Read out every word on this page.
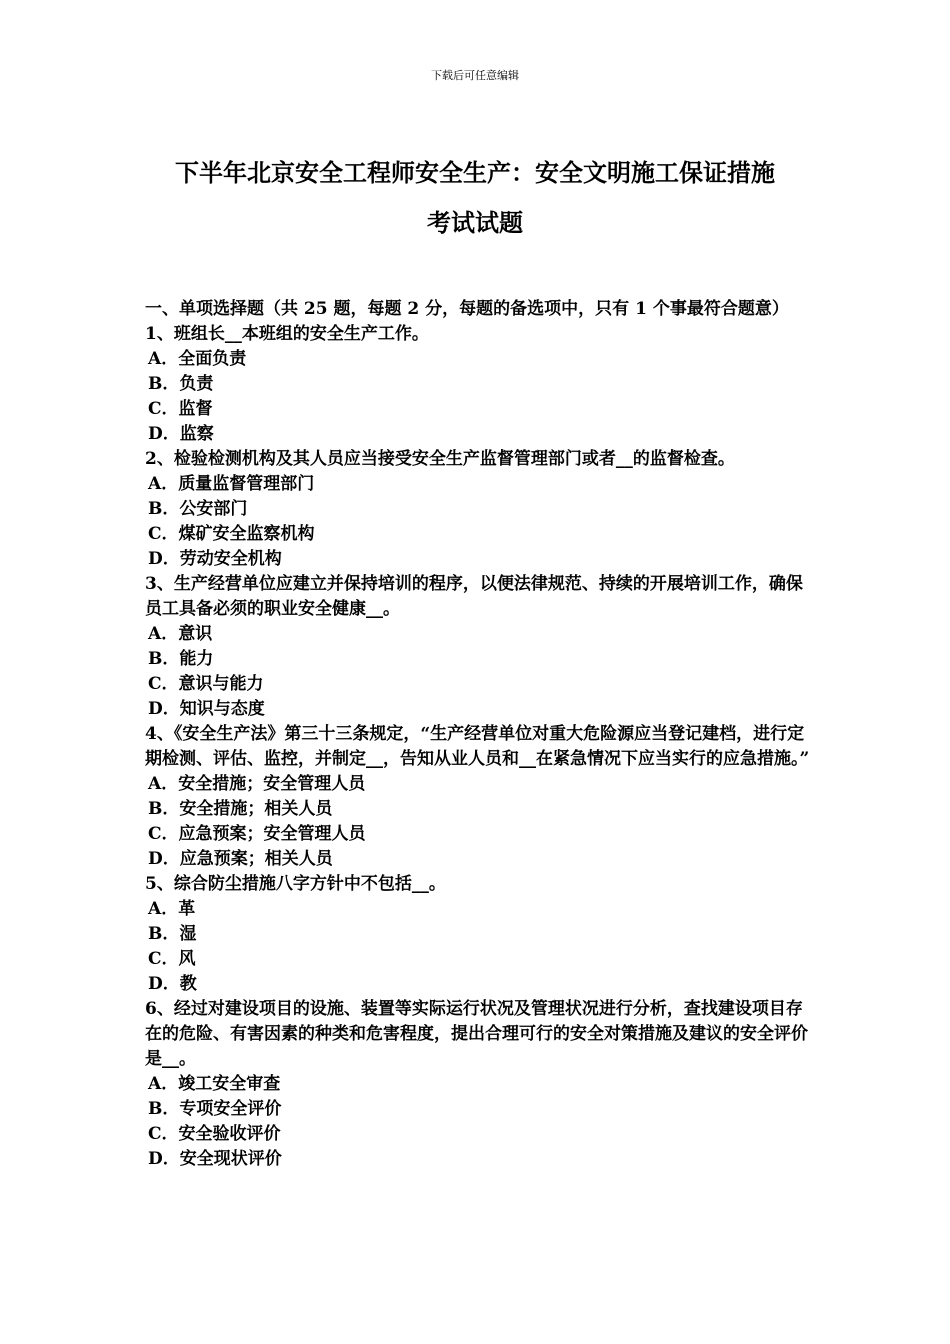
下载后可任意编辑
下半年北京安全工程师安全生产：安全文明施工保证措施
考试试题
一、单项选择题（共 25 题，每题 2 分，每题的备选项中，只有 1 个事最符合题意）
1、班组长__本班组的安全生产工作。
A．全面负责
B．负责
C．监督
D．监察
2、检验检测机构及其人员应当接受安全生产监督管理部门或者__的监督检查。
A．质量监督管理部门
B．公安部门
C．煤矿安全监察机构
D．劳动安全机构
3、生产经营单位应建立并保持培训的程序，以便法律规范、持续的开展培训工作，确保员工具备必须的职业安全健康__。
A．意识
B．能力
C．意识与能力
D．知识与态度
4、《安全生产法》第三十三条规定，“生产经营单位对重大危险源应当登记建档，进行定期检测、评估、监控，并制定__，告知从业人员和__在紧急情况下应当实行的应急措施。”
A．安全措施；安全管理人员
B．安全措施；相关人员
C．应急预案；安全管理人员
D．应急预案；相关人员
5、综合防尘措施八字方针中不包括__。
A．革
B．湿
C．风
D．教
6、经过对建设项目的设施、装置等实际运行状况及管理状况进行分析，查找建设项目存在的危险、有害因素的种类和危害程度，提出合理可行的安全对策措施及建议的安全评价是__。
A．竣工安全审查
B．专项安全评价
C．安全验收评价
D．安全现状评价
